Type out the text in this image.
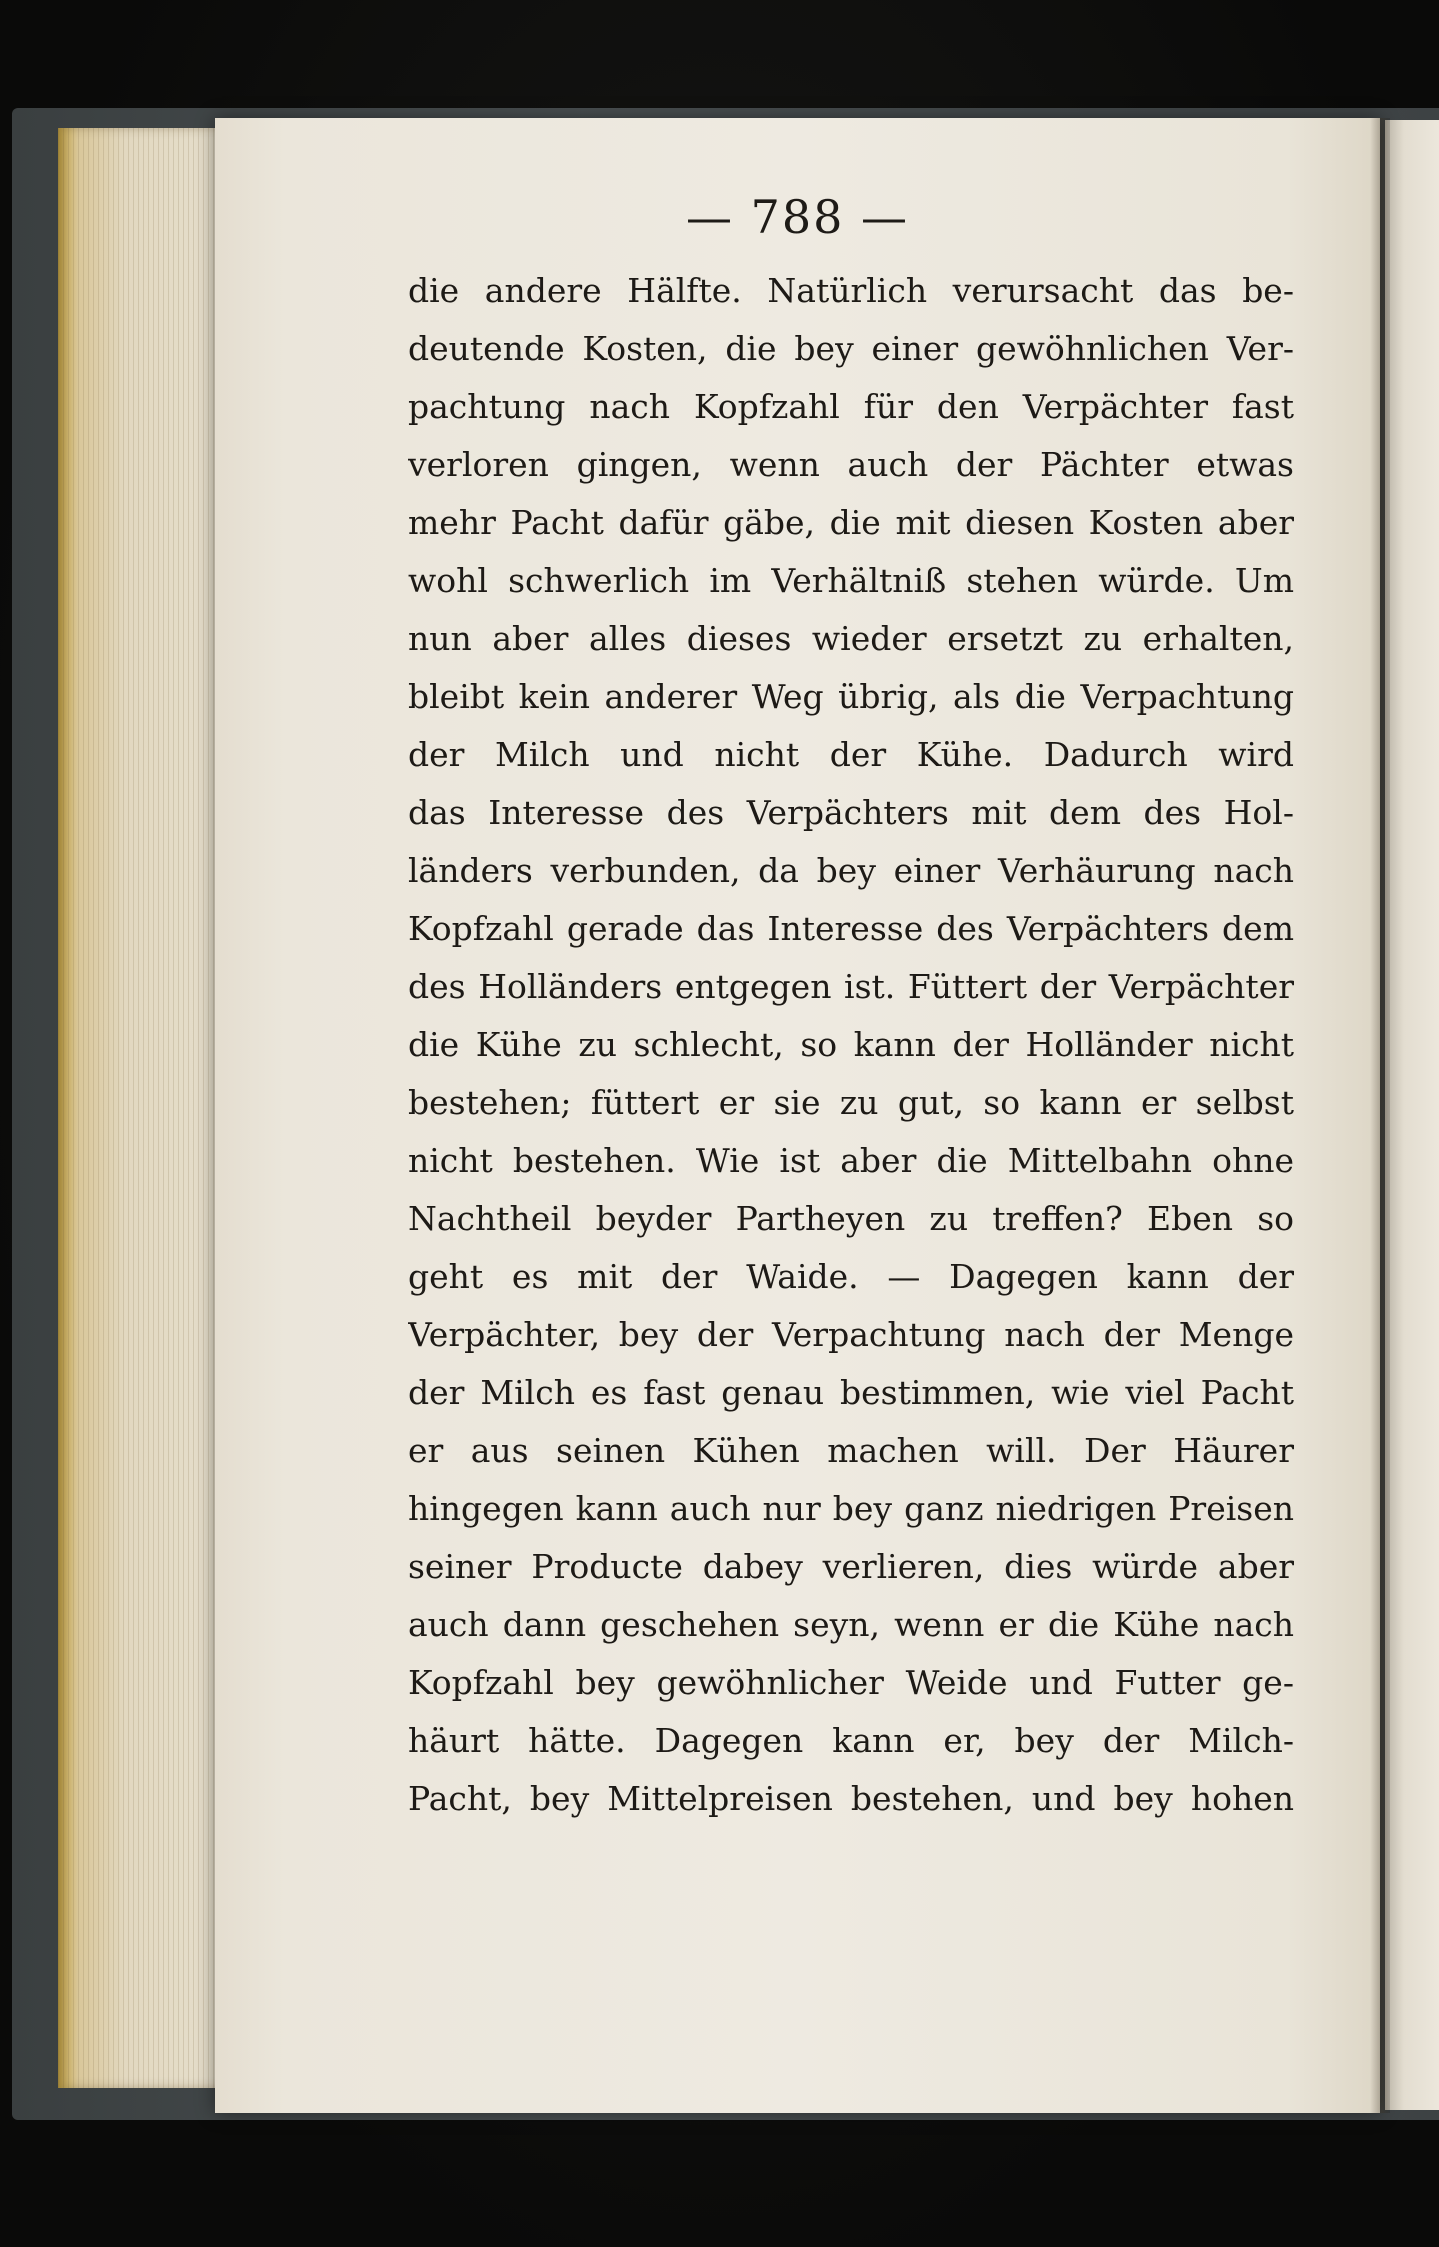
— 788 —
die andere Hälfte. Natürlich verursacht das be-
deutende Kosten, die bey einer gewöhnlichen Ver-
pachtung nach Kopfzahl für den Verpächter fast
verloren gingen, wenn auch der Pächter etwas
mehr Pacht dafür gäbe, die mit diesen Kosten aber
wohl schwerlich im Verhältniß stehen würde. Um
nun aber alles dieses wieder ersetzt zu erhalten,
bleibt kein anderer Weg übrig, als die Verpachtung
der Milch und nicht der Kühe. Dadurch wird
das Interesse des Verpächters mit dem des Hol-
länders verbunden, da bey einer Verhäurung nach
Kopfzahl gerade das Interesse des Verpächters dem
des Holländers entgegen ist. Füttert der Verpächter
die Kühe zu schlecht, so kann der Holländer nicht
bestehen; füttert er sie zu gut, so kann er selbst
nicht bestehen. Wie ist aber die Mittelbahn ohne
Nachtheil beyder Partheyen zu treffen? Eben so
geht es mit der Waide. — Dagegen kann der
Verpächter, bey der Verpachtung nach der Menge
der Milch es fast genau bestimmen, wie viel Pacht
er aus seinen Kühen machen will. Der Häurer
hingegen kann auch nur bey ganz niedrigen Preisen
seiner Producte dabey verlieren, dies würde aber
auch dann geschehen seyn, wenn er die Kühe nach
Kopfzahl bey gewöhnlicher Weide und Futter ge-
häurt hätte. Dagegen kann er, bey der Milch-
Pacht, bey Mittelpreisen bestehen, und bey hohen
